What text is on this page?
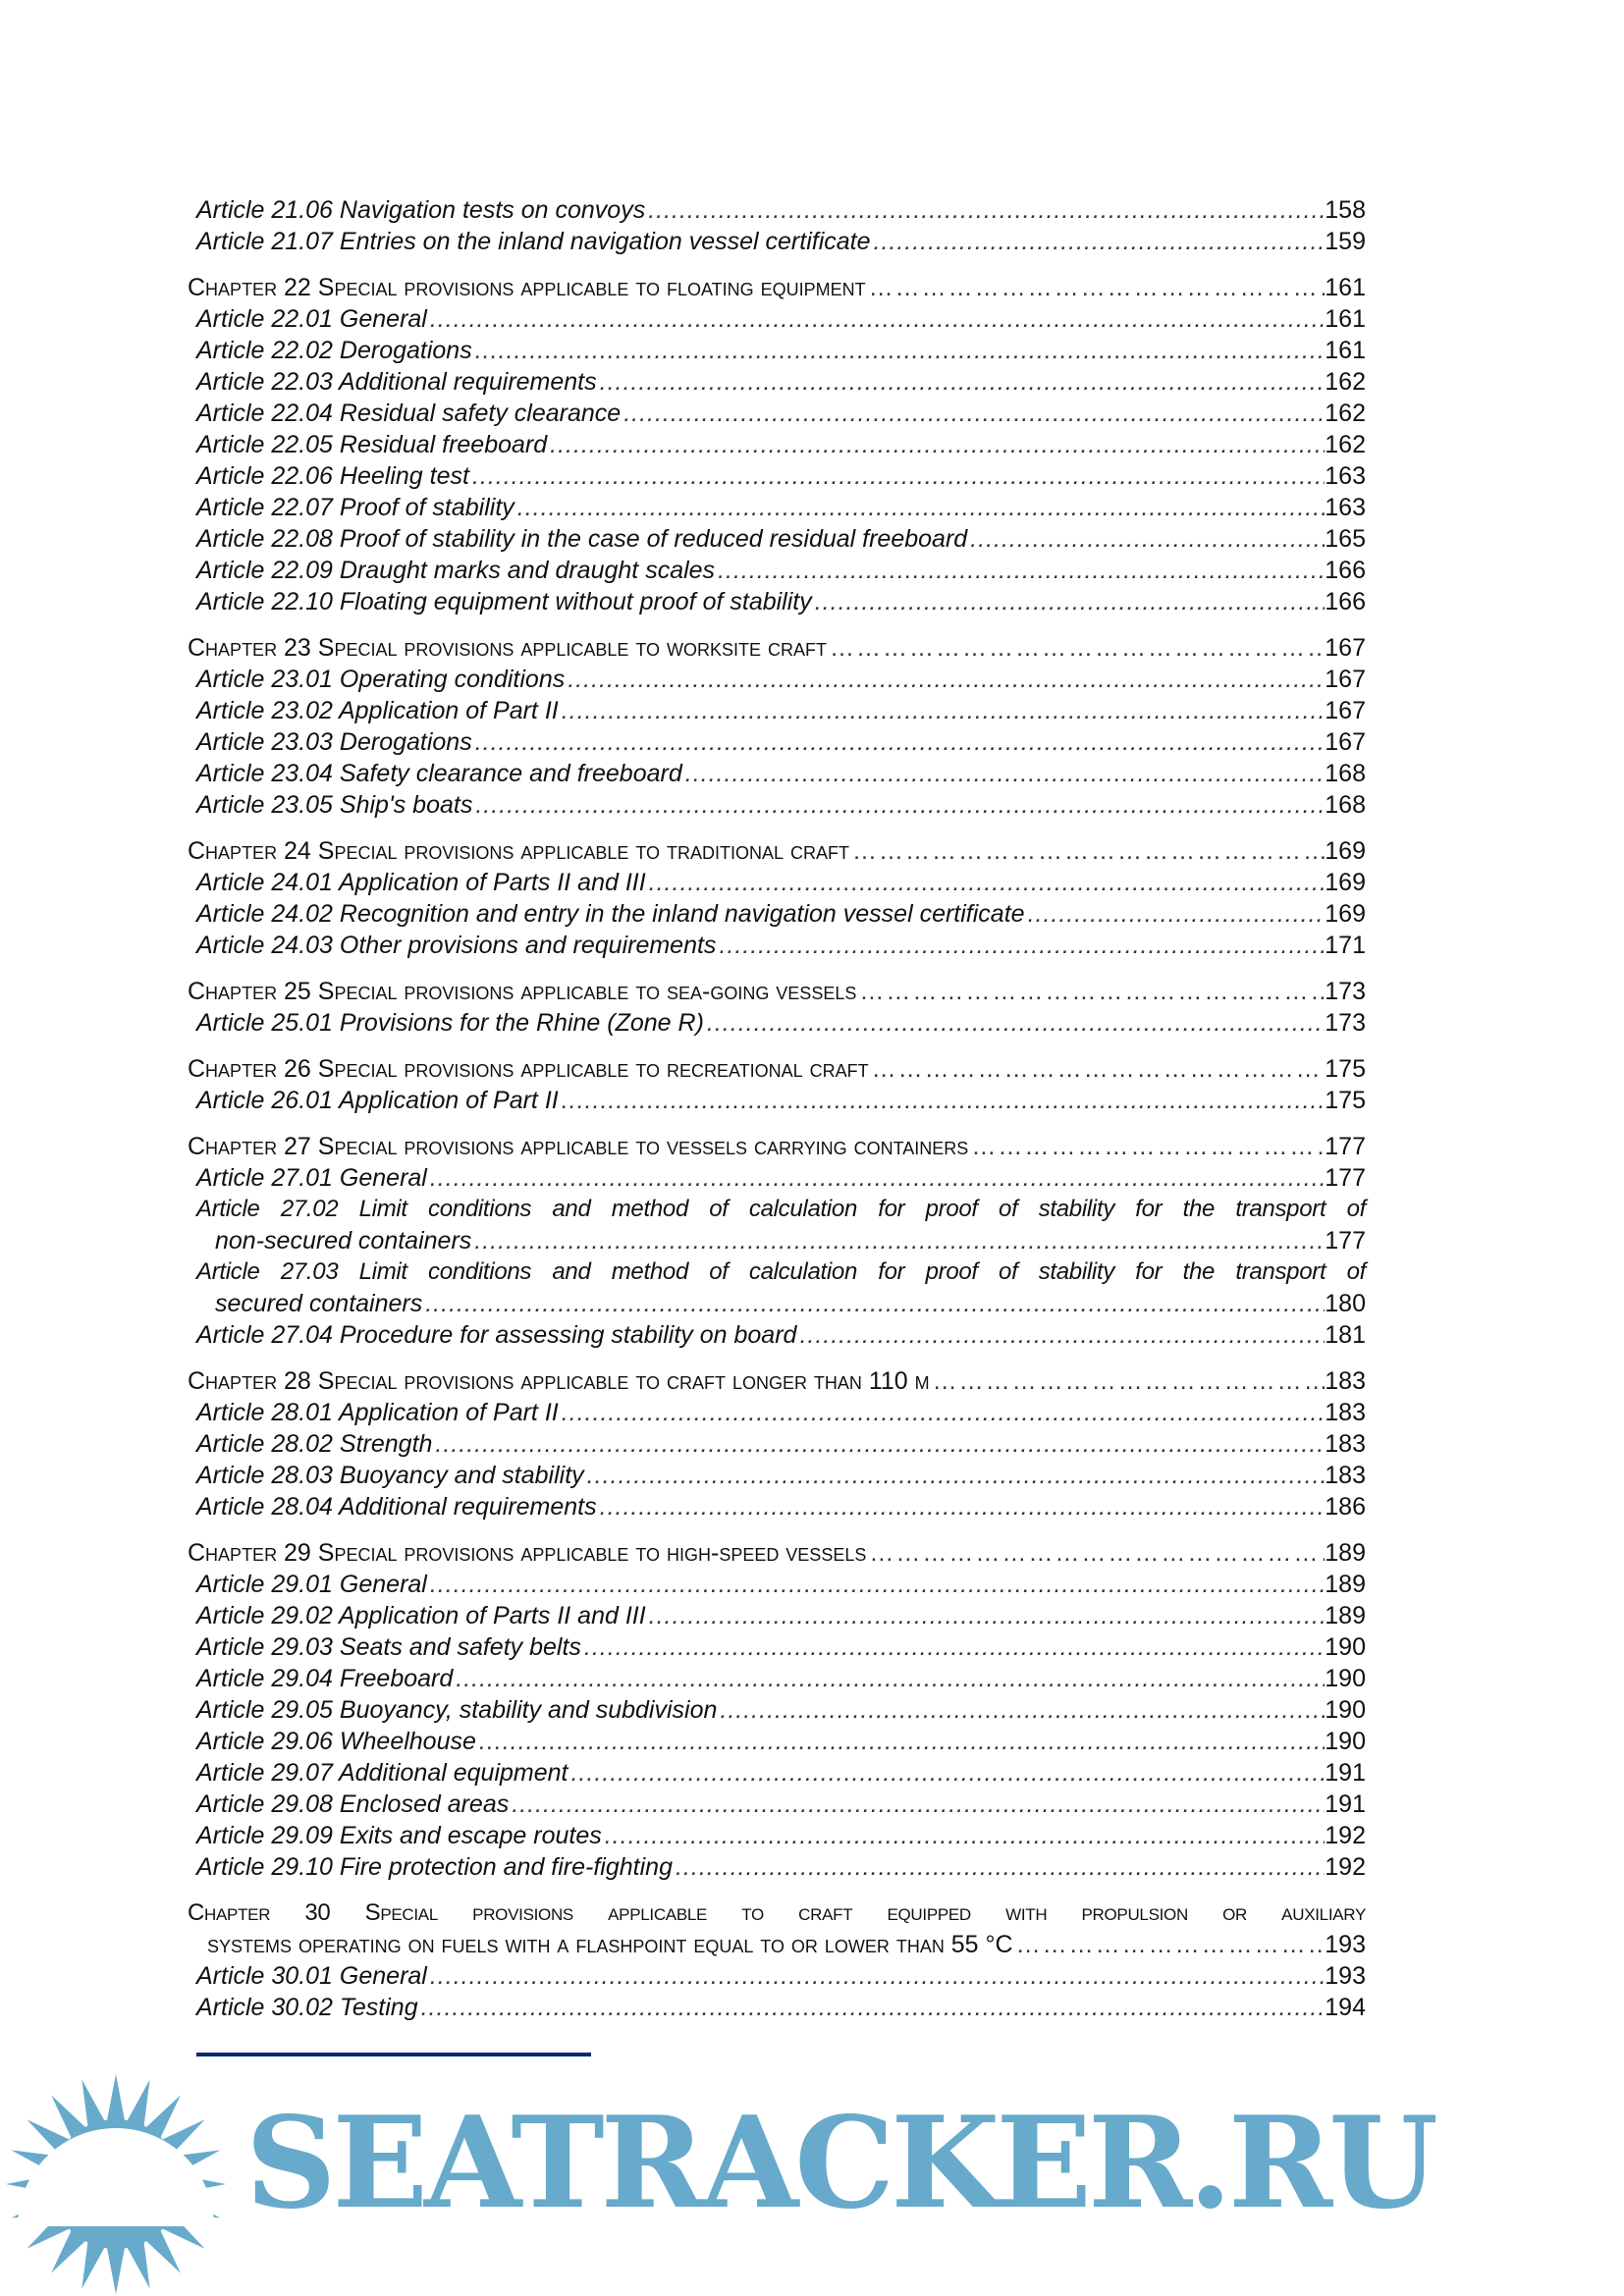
Article 21.06 Navigation tests on convoys .....	158
Article 21.07 Entries on the inland navigation vessel certificate .....	159
Chapter 22 Special provisions applicable to floating equipment ……………………………………………………………………………………………………………………………………………………………………	161
Article 22.01 General .....	161
Article 22.02 Derogations .....	161
Article 22.03 Additional requirements .....	162
Article 22.04 Residual safety clearance .....	162
Article 22.05 Residual freeboard .....	162
Article 22.06 Heeling test .....	163
Article 22.07 Proof of stability .....	163
Article 22.08 Proof of stability in the case of reduced residual freeboard .....	165
Article 22.09 Draught marks and draught scales .....	166
Article 22.10 Floating equipment without proof of stability .....	166
Chapter 23 Special provisions applicable to worksite craft ……………………………………………………………………………………………………………………………………………………………………	167
Article 23.01 Operating conditions .....	167
Article 23.02 Application of Part II .....	167
Article 23.03 Derogations .....	167
Article 23.04 Safety clearance and freeboard .....	168
Article 23.05 Ship's boats .....	168
Chapter 24 Special provisions applicable to traditional craft ……………………………………………………………………………………………………………………………………………………………………	169
Article 24.01 Application of Parts II and III .....	169
Article 24.02 Recognition and entry in the inland navigation vessel certificate .....	169
Article 24.03 Other provisions and requirements .....	171
Chapter 25 Special provisions applicable to sea-going vessels ……………………………………………………………………………………………………………………………………………………………………	173
Article 25.01 Provisions for the Rhine (Zone R) .....	173
Chapter 26 Special provisions applicable to recreational craft ……………………………………………………………………………………………………………………………………………………………………	175
Article 26.01 Application of Part II .....	175
Chapter 27 Special provisions applicable to vessels carrying containers ……………………………………………………………………………………………………………………………………………………………………	177
Article 27.01 General .....	177
Article 27.02 Limit conditions and method of calculation for proof of stability for the transport of
non-secured containers .....	177
Article 27.03 Limit conditions and method of calculation for proof of stability for the transport of
secured containers .....	180
Article 27.04 Procedure for assessing stability on board .....	181
Chapter 28 Special provisions applicable to craft longer than 110 m ……………………………………………………………………………………………………………………………………………………………………	183
Article 28.01 Application of Part II .....	183
Article 28.02 Strength .....	183
Article 28.03 Buoyancy and stability .....	183
Article 28.04 Additional requirements .....	186
Chapter 29 Special provisions applicable to high-speed vessels ……………………………………………………………………………………………………………………………………………………………………	189
Article 29.01 General .....	189
Article 29.02 Application of Parts II and III .....	189
Article 29.03 Seats and safety belts .....	190
Article 29.04 Freeboard .....	190
Article 29.05 Buoyancy, stability and subdivision .....	190
Article 29.06 Wheelhouse .....	190
Article 29.07 Additional equipment .....	191
Article 29.08 Enclosed areas .....	191
Article 29.09 Exits and escape routes .....	192
Article 29.10 Fire protection and fire-fighting .....	192
Chapter 30 Special provisions applicable to craft equipped with propulsion or auxiliary
systems operating on fuels with a flashpoint equal to or lower than 55 °C ……………………………………………………………………………………………………………………………………………………………………	193
Article 30.01 General .....	193
Article 30.02 Testing .....	194
SEATRACKER.RU
